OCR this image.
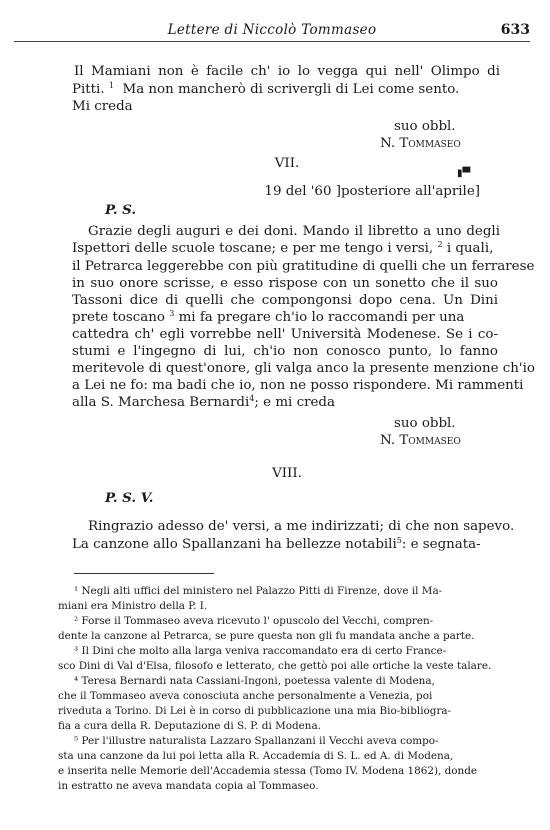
Lettere di Niccolò Tommaseo	633
Il Mamiani non è facile ch' io lo vegga qui nell' Olimpo di
Pitti. $^1$ Ma non mancherò di scrivergli di Lei come sento.
Mi creda
suo obbl.
N. Tommaseo
VII.
▮▀
19 del '60 ]posteriore all'aprile]
P. S.
Grazie degli auguri e dei doni. Mando il libretto a uno degli
Ispettori delle scuole toscane; e per me tengo i versi, $^2$ i quali,
il Petrarca leggerebbe con più gratitudine di quelli che un ferrarese
in suo onore scrisse, e esso rispose con un sonetto che il suo
Tassoni dice di quelli che compongonsi dopo cena. Un Dini
prete toscano $^3$ mi fa pregare ch'io lo raccomandi per una
cattedra ch' egli vorrebbe nell' Università Modenese. Se i co-
stumi e l'ingegno di lui, ch'io non conosco punto, lo fanno
meritevole di quest'onore, gli valga anco la presente menzione ch'io
a Lei ne fo: ma badi che io, non ne posso rispondere. Mi rammenti
alla S. Marchesa Bernardi$^4$; e mi creda
suo obbl.
N. Tommaseo
VIII.
P. S. V.
Ringrazio adesso de' versi, a me indirizzati; di che non sapevo.
La canzone allo Spallanzani ha bellezze notabili$^5$: e segnata-
¹ Negli alti uffici del ministero nel Palazzo Pitti di Firenze, dove il Ma-
miani era Ministro della P. I.
² Forse il Tommaseo aveva ricevuto l' opuscolo del Vecchi, compren-
dente la canzone al Petrarca, se pure questa non gli fu mandata anche a parte.
³ Il Dini che molto alla larga veniva raccomandato era di certo France-
sco Dini di Val d'Elsa, filosofo e letterato, che gettò poi alle ortiche la veste talare.
⁴ Teresa Bernardi nata Cassiani-Ingoni, poetessa valente di Modena,
che il Tommaseo aveva conosciuta anche personalmente a Venezia, poi
riveduta a Torino. Di Lei è in corso di pubblicazione una mia Bio-bibliogra-
fia a cura della R. Deputazione di S. P. di Modena.
⁵ Per l'illustre naturalista Lazzaro Spallanzani il Vecchi aveva compo-
sta una canzone da lui poi letta alla R. Accademia di S. L. ed A. di Modena,
e inserita nelle Memorie dell'Accademia stessa (Tomo IV. Modena 1862), donde
in estratto ne aveva mandata copia al Tommaseo.
